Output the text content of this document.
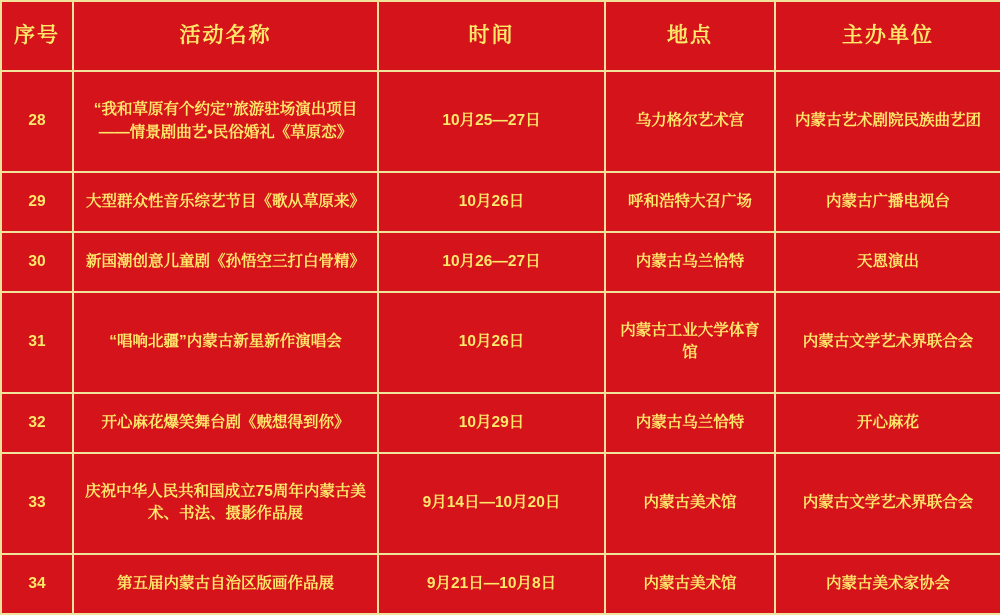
序号	活动名称	时间	地点	主办单位
28	“我和草原有个约定”旅游驻场演出项目 ——情景剧曲艺•民俗婚礼《草原恋》	10月25—27日	乌力格尔艺术宫	内蒙古艺术剧院民族曲艺团
29	大型群众性音乐综艺节目《歌从草原来》	10月26日	呼和浩特大召广场	内蒙古广播电视台
30	新国潮创意儿童剧《孙悟空三打白骨精》	10月26—27日	内蒙古乌兰恰特	天恩演出
31	“唱响北疆”内蒙古新星新作演唱会	10月26日	内蒙古工业大学体育馆	内蒙古文学艺术界联合会
32	开心麻花爆笑舞台剧《贼想得到你》	10月29日	内蒙古乌兰恰特	开心麻花
33	庆祝中华人民共和国成立75周年内蒙古美术、书法、摄影作品展	9月14日—10月20日	内蒙古美术馆	内蒙古文学艺术界联合会
34	第五届内蒙古自治区版画作品展	9月21日—10月8日	内蒙古美术馆	内蒙古美术家协会
